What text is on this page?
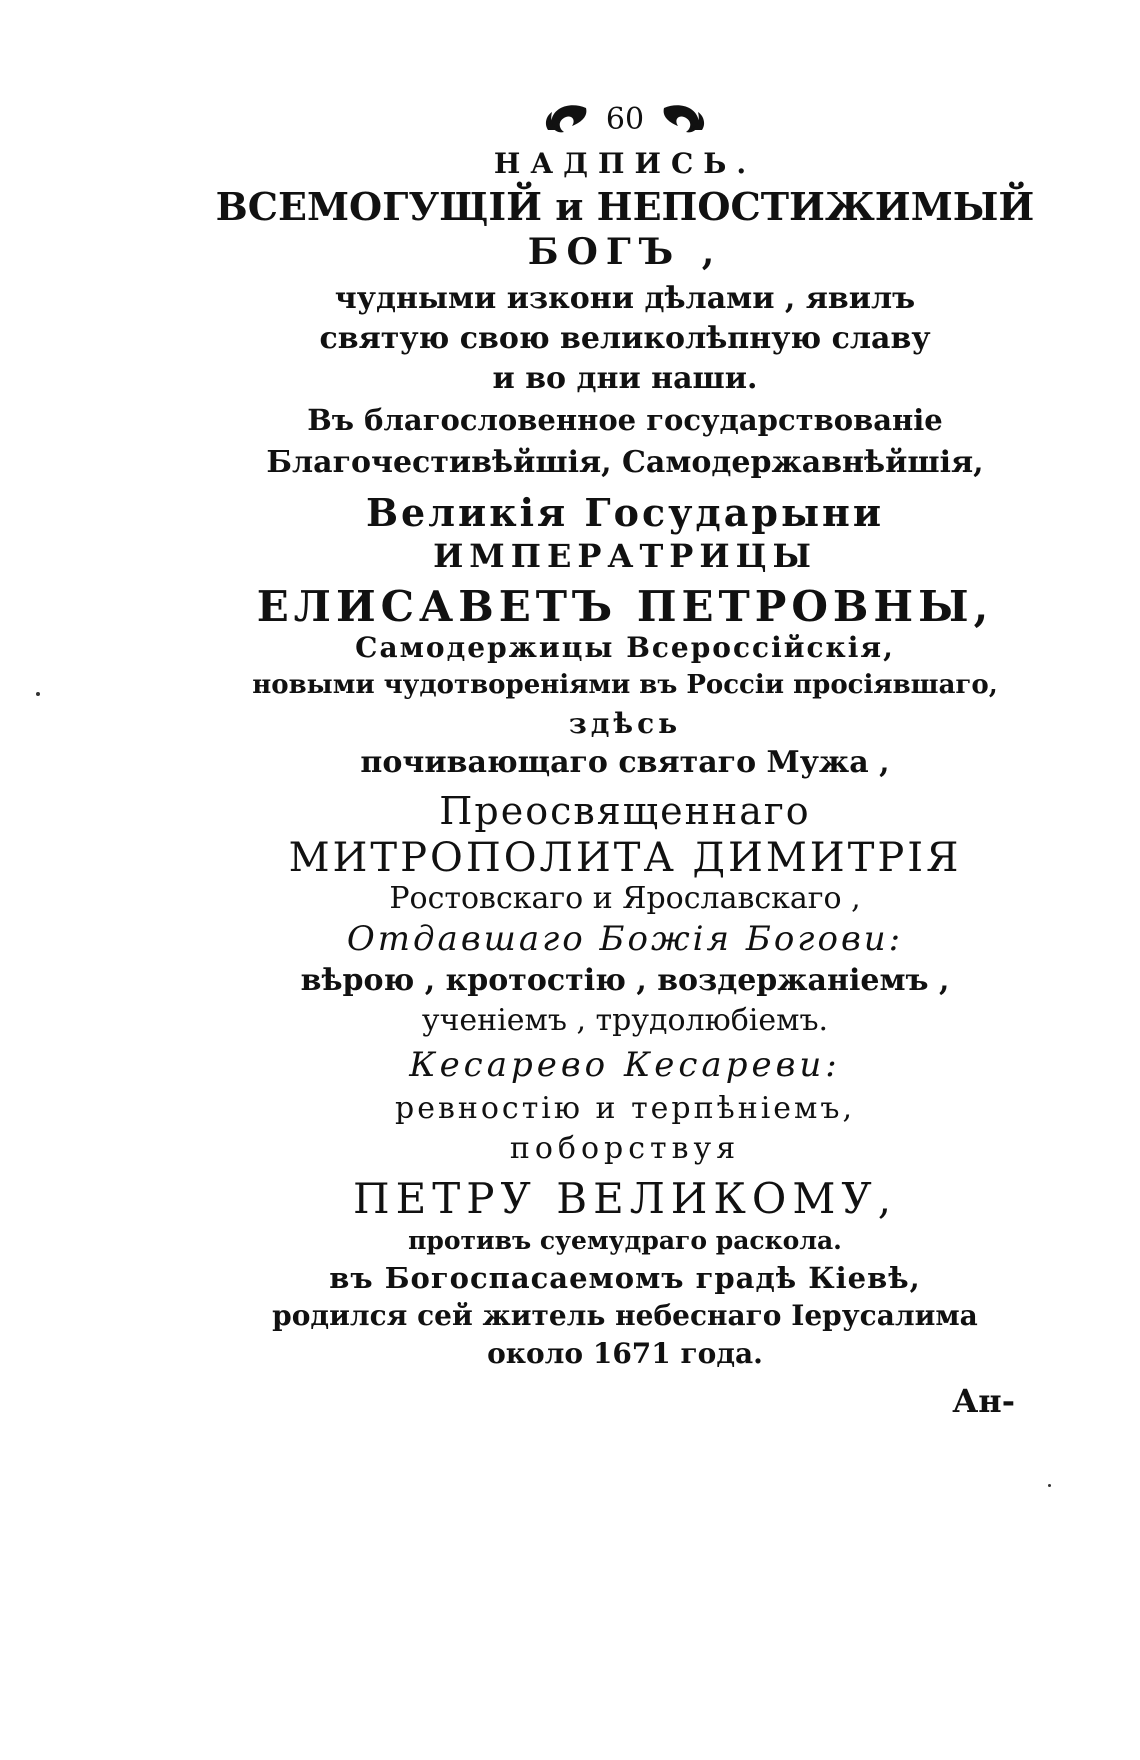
60
НАДПИСЬ.
ВСЕМОГУЩІЙ и НЕПОСТИЖИМЫЙ
БОГЪ ,
чудными изкони дѣлами , явилъ
святую свою великолѣпную славу
и во дни наши.
Въ благословенное государствованіе
Благочестивѣйшія, Самодержавнѣйшія,
Великія Государыни
ИМПЕРАТРИЦЫ
ЕЛИСАВЕТЪ ПЕТРОВНЫ,
Самодержицы Всероссійскія,
новыми чудотвореніями въ Россіи просіявшаго,
здѣсь
почивающаго святаго Мужа ,
Преосвященнаго
МИТРОПОЛИТА ДИМИТРІЯ
Ростовскаго и Ярославскаго ,
Отдавшаго Божія Богови:
вѣрою , кротостію , воздержаніемъ ,
ученіемъ , трудолюбіемъ.
Кесарево Кесареви:
ревностію и терпѣніемъ,
поборствуя
ПЕТРУ ВЕЛИКОМУ,
противъ суемудраго раскола.
въ Богоспасаемомъ градѣ Кіевѣ,
родился сей житель небеснаго Іерусалима
около 1671 года.
Ан-
